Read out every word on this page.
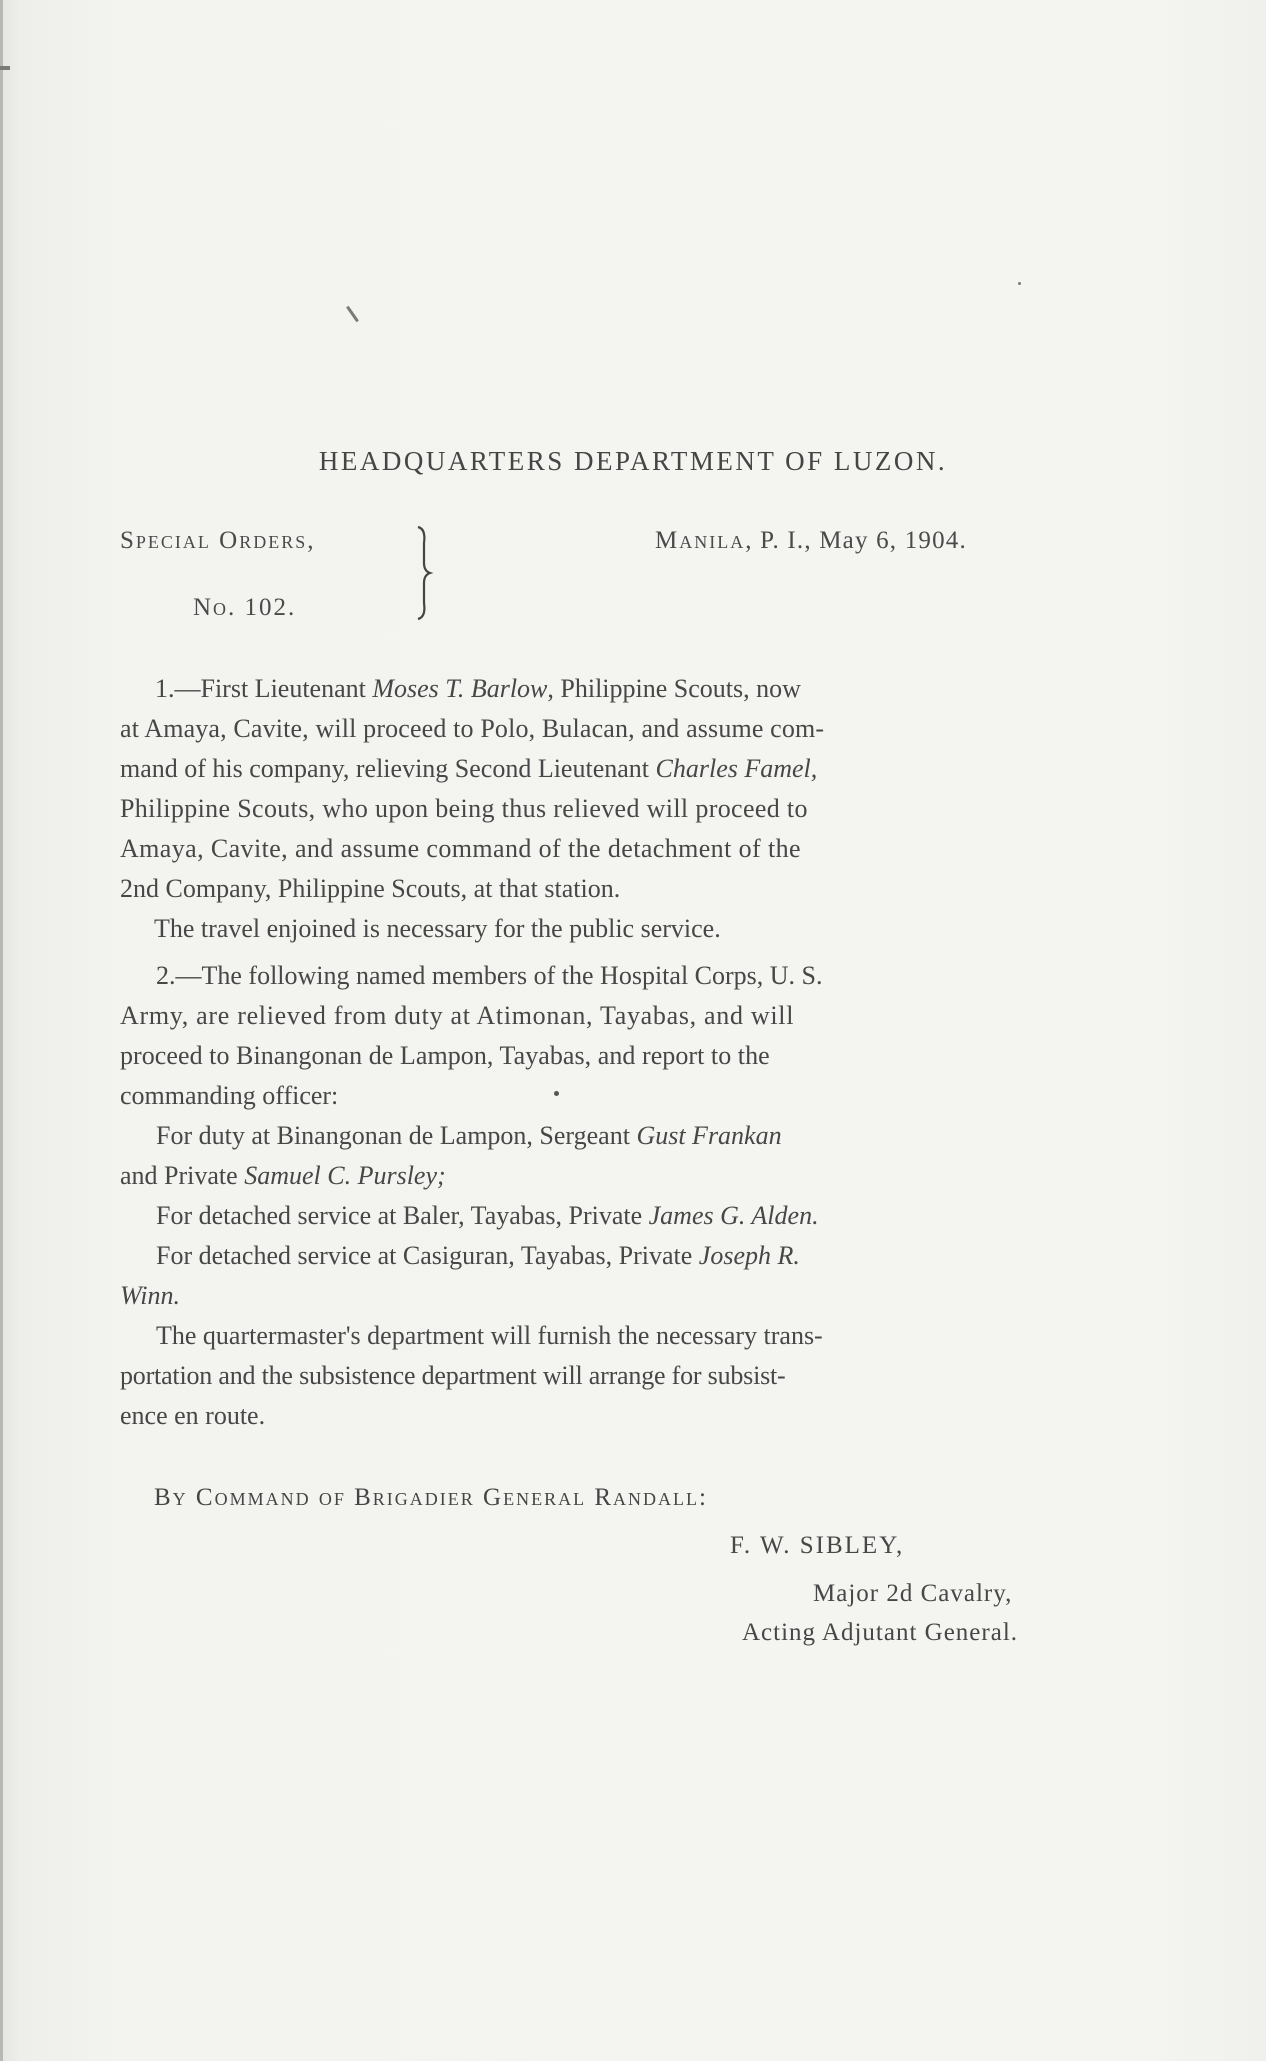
HEADQUARTERS DEPARTMENT OF LUZON.
Special Orders,
No. 102.
Manila, P. I., May 6, 1904.
1.—First Lieutenant Moses T. Barlow, Philippine Scouts, now
at Amaya, Cavite, will proceed to Polo, Bulacan, and assume com-
mand of his company, relieving Second Lieutenant Charles Famel,
Philippine Scouts, who upon being thus relieved will proceed to
Amaya, Cavite, and assume command of the detachment of the
2nd Company, Philippine Scouts, at that station.
The travel enjoined is necessary for the public service.
2.—The following named members of the Hospital Corps, U. S.
Army, are relieved from duty at Atimonan, Tayabas, and will
proceed to Binangonan de Lampon, Tayabas, and report to the
commanding officer:
For duty at Binangonan de Lampon, Sergeant Gust Frankan
and Private Samuel C. Pursley;
For detached service at Baler, Tayabas, Private James G. Alden.
For detached service at Casiguran, Tayabas, Private Joseph R.
Winn.
The quartermaster's department will furnish the necessary trans-
portation and the subsistence department will arrange for subsist-
ence en route.
By Command of Brigadier General Randall:
F. W. SIBLEY,
Major 2d Cavalry,
Acting Adjutant General.
